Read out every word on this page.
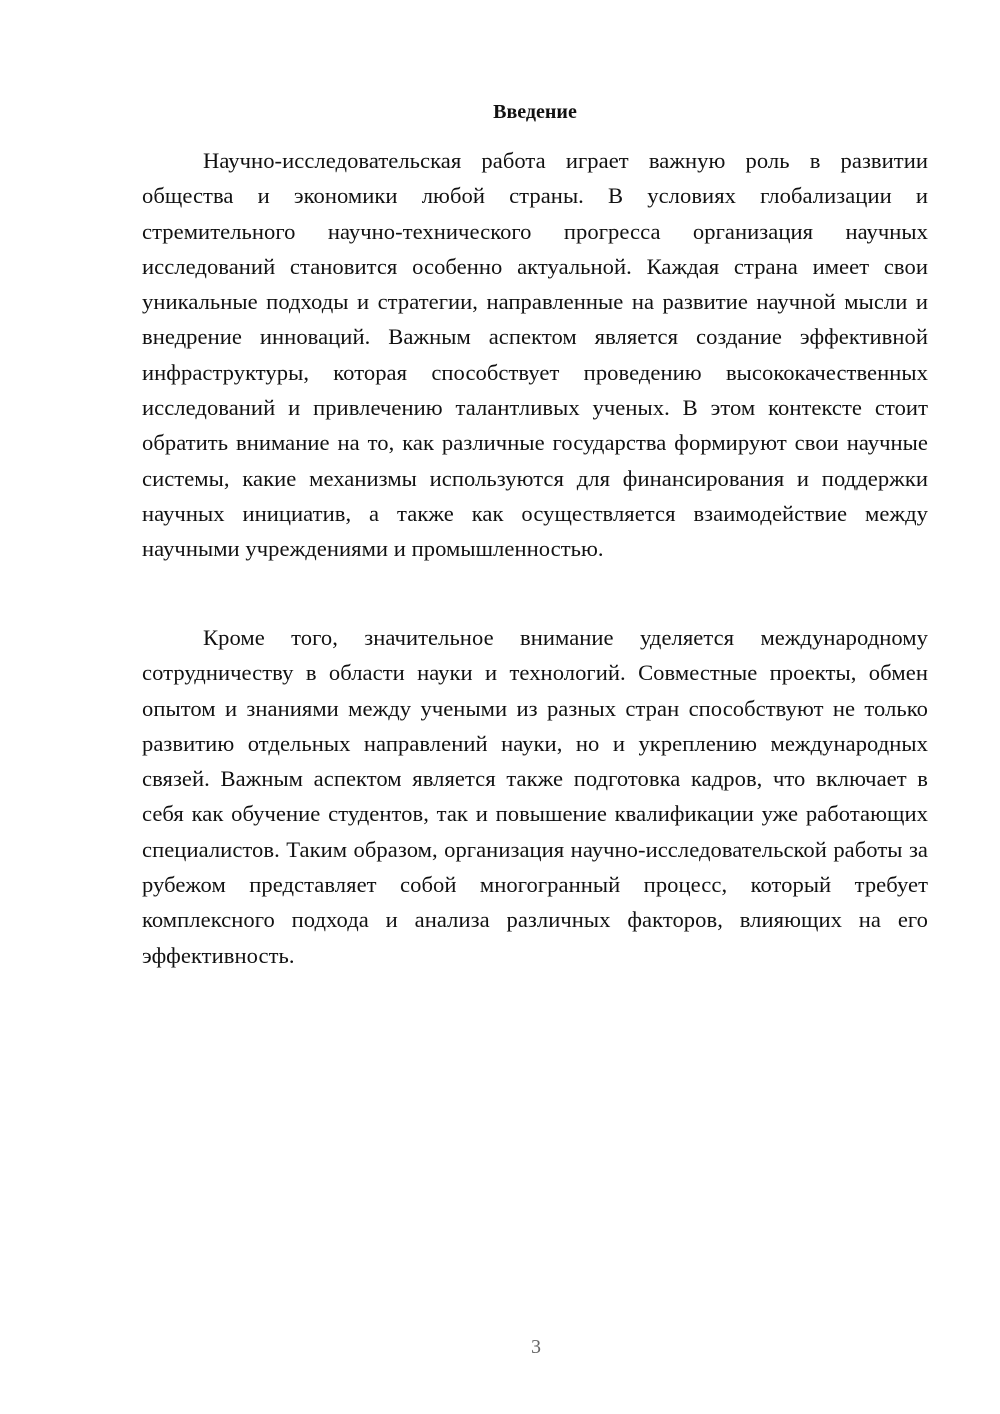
Введение

Научно-исследовательская работа играет важную роль в развитии общества и экономики любой страны. В условиях глобализации и стремительного научно-технического прогресса организация научных исследований становится особенно актуальной. Каждая страна имеет свои уникальные подходы и стратегии, направленные на развитие научной мысли и внедрение инноваций. Важным аспектом является создание эффективной инфраструктуры, которая способствует проведению высококачественных исследований и привлечению талантливых ученых. В этом контексте стоит обратить внимание на то, как различные государства формируют свои научные системы, какие механизмы используются для финансирования и поддержки научных инициатив, а также как осуществляется взаимодействие между научными учреждениями и промышленностью.

Кроме того, значительное внимание уделяется международному сотрудничеству в области науки и технологий. Совместные проекты, обмен опытом и знаниями между учеными из разных стран способствуют не только развитию отдельных направлений науки, но и укреплению международных связей. Важным аспектом является также подготовка кадров, что включает в себя как обучение студентов, так и повышение квалификации уже работающих специалистов. Таким образом, организация научно-исследовательской работы за рубежом представляет собой многогранный процесс, который требует комплексного подхода и анализа различных факторов, влияющих на его эффективность.

3
